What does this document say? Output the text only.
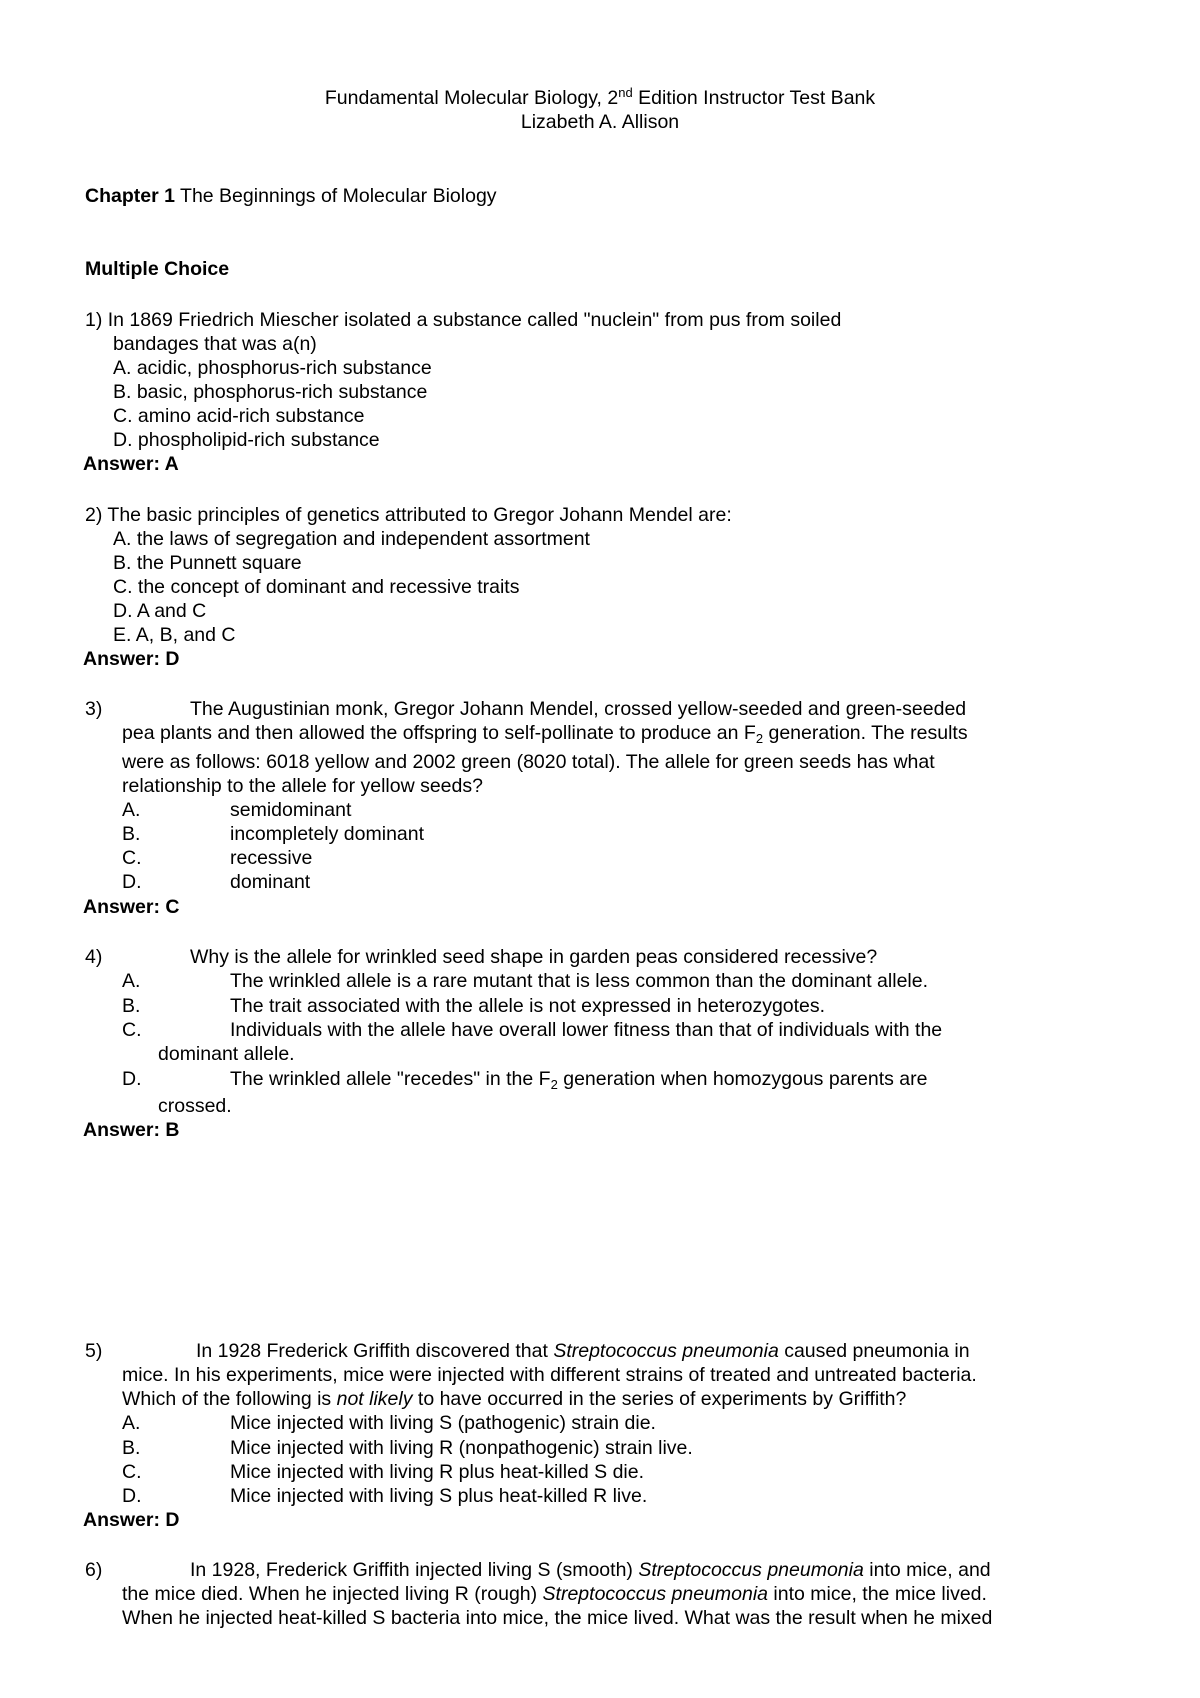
Fundamental Molecular Biology, 2nd Edition Instructor Test Bank
Lizabeth A. Allison
Chapter 1 The Beginnings of Molecular Biology
Multiple Choice
1) In 1869 Friedrich Miescher isolated a substance called "nuclein" from pus from soiled
bandages that was a(n)
A. acidic, phosphorus-rich substance
B. basic, phosphorus-rich substance
C. amino acid-rich substance
D. phospholipid-rich substance
Answer: A
2) The basic principles of genetics attributed to Gregor Johann Mendel are:
A. the laws of segregation and independent assortment
B. the Punnett square
C. the concept of dominant and recessive traits
D. A and C
E. A, B, and C
Answer: D
3)	The Augustinian monk, Gregor Johann Mendel, crossed yellow-seeded and green-seeded
pea plants and then allowed the offspring to self-pollinate to produce an $F_2$ generation. The results
were as follows: 6018 yellow and 2002 green (8020 total). The allele for green seeds has what
relationship to the allele for yellow seeds?
A.	semidominant
B.	incompletely dominant
C.	recessive
D.	dominant
Answer: C
4)	Why is the allele for wrinkled seed shape in garden peas considered recessive?
A.	The wrinkled allele is a rare mutant that is less common than the dominant allele.
B.	The trait associated with the allele is not expressed in heterozygotes.
C.	Individuals with the allele have overall lower fitness than that of individuals with the
dominant allele.
D.	The wrinkled allele "recedes" in the $F_2$ generation when homozygous parents are
crossed.
Answer: B
5)	In 1928 Frederick Griffith discovered that Streptococcus pneumonia caused pneumonia in
mice. In his experiments, mice were injected with different strains of treated and untreated bacteria.
Which of the following is not likely to have occurred in the series of experiments by Griffith?
A.	Mice injected with living S (pathogenic) strain die.
B.	Mice injected with living R (nonpathogenic) strain live.
C.	Mice injected with living R plus heat-killed S die.
D.	Mice injected with living S plus heat-killed R live.
Answer: D
6)	In 1928, Frederick Griffith injected living S (smooth) Streptococcus pneumonia into mice, and
the mice died. When he injected living R (rough) Streptococcus pneumonia into mice, the mice lived.
When he injected heat-killed S bacteria into mice, the mice lived. What was the result when he mixed
